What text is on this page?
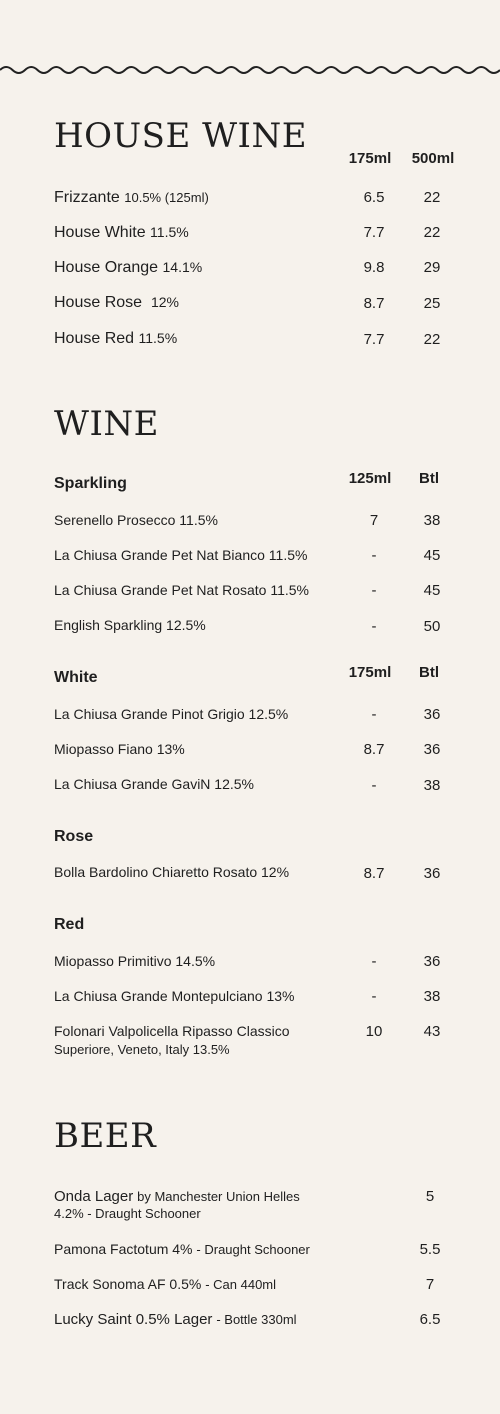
HOUSE WINE
175ml	500ml
Frizzante 10.5% (125ml)	6.5	22
House White 11.5%	7.7	22
House Orange 14.1%	9.8	29
House Rose 12%	8.7	25
House Red 11.5%	7.7	22
WINE
Sparkling	125ml	Btl
Serenello Prosecco 11.5%	7	38
La Chiusa Grande Pet Nat Bianco 11.5%	-	45
La Chiusa Grande Pet Nat Rosato 11.5%	-	45
English Sparkling 12.5%	-	50
White	175ml	Btl
La Chiusa Grande Pinot Grigio 12.5%	-	36
Miopasso Fiano 13%	8.7	36
La Chiusa Grande GaviN 12.5%	-	38
Rose
Bolla Bardolino Chiaretto Rosato 12%	8.7	36
Red
Miopasso Primitivo 14.5%	-	36
La Chiusa Grande Montepulciano 13%	-	38
Folonari Valpolicella Ripasso Classico
Superiore, Veneto, Italy 13.5%
10	43
BEER
Onda Lager by Manchester Union Helles
4.2% - Draught Schooner
5
Pamona Factotum 4% - Draught Schooner	5.5
Track Sonoma AF 0.5% - Can 440ml	7
Lucky Saint 0.5% Lager - Bottle 330ml	6.5
